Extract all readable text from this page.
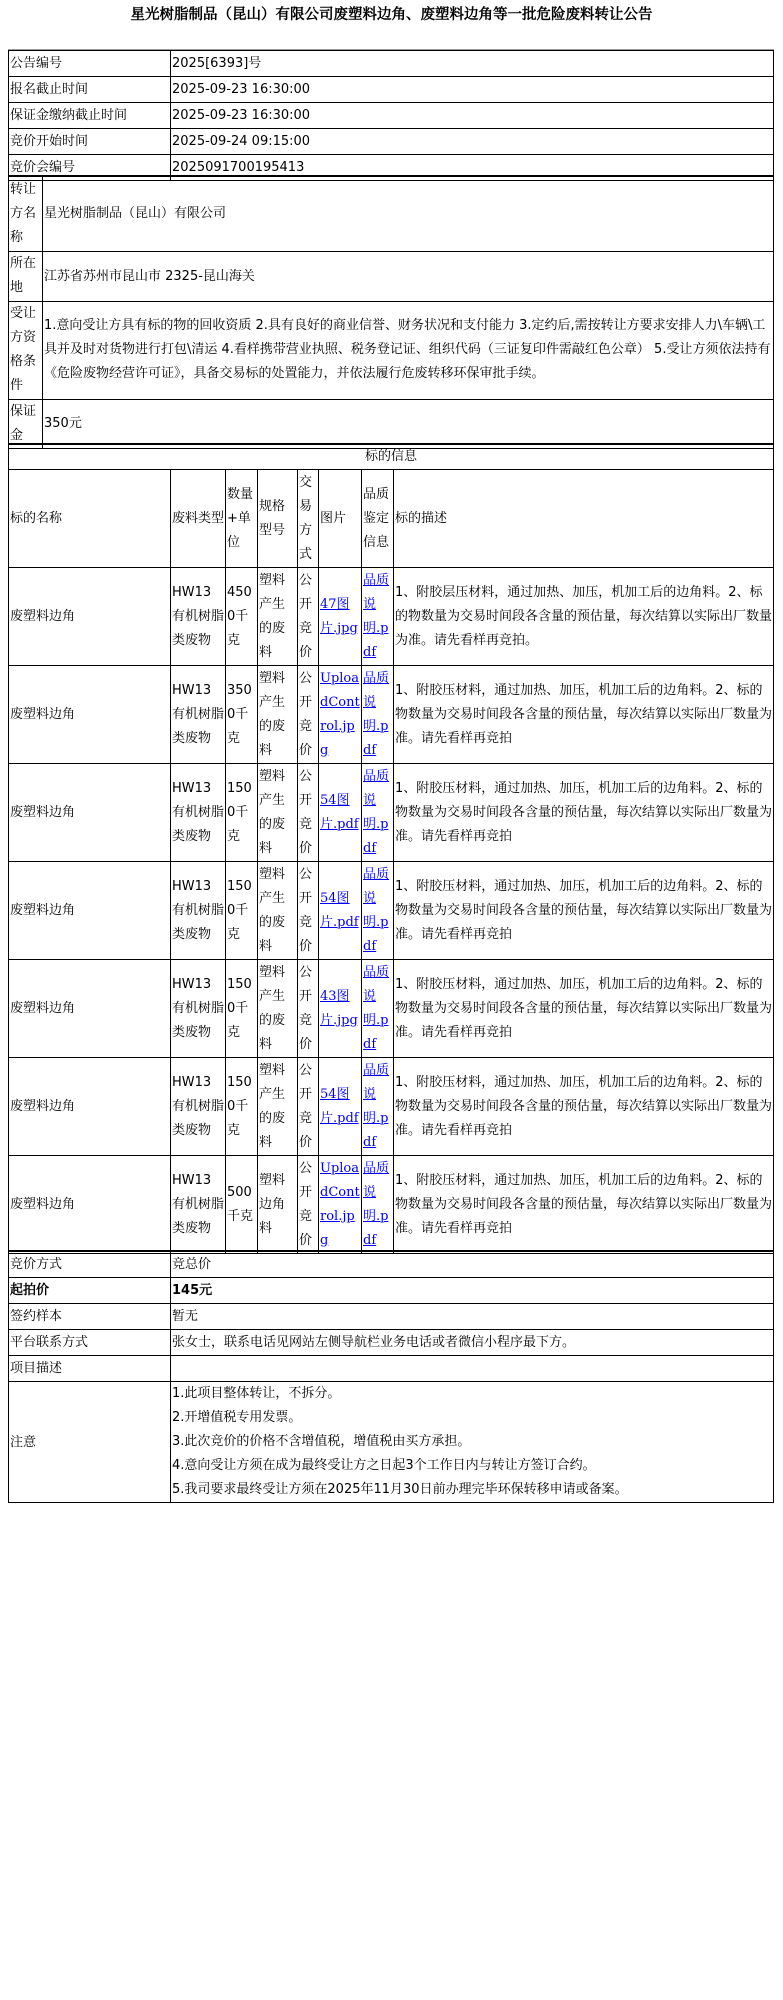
星光树脂制品（昆山）有限公司废塑料边角、废塑料边角等一批危险废料转让公告
公告编号	2025[6393]号
报名截止时间	2025-09-23 16:30:00
保证金缴纳截止时间	2025-09-23 16:30:00
竞价开始时间	2025-09-24 09:15:00
竞价会编号	2025091700195413
转让方名称	星光树脂制品（昆山）有限公司
所在地	江苏省苏州市昆山市 2325-昆山海关
受让方资格条件	1.意向受让方具有标的物的回收资质 2.具有良好的商业信誉、财务状况和支付能力 3.定约后,需按转让方要求安排人力\车辆\工具并及时对货物进行打包\清运 4.看样携带营业执照、税务登记证、组织代码（三证复印件需敲红色公章） 5.受让方须依法持有《危险废物经营许可证》，具备交易标的处置能力，并依法履行危废转移环保审批手续。
保证金	350元
标的信息							
标的名称	废料类型	数量+单位	规格型号	交易方式	图片	品质鉴定信息	标的描述
废塑料边角	HW13有机树脂类废物	4500千克	塑料产生的废料	公开竞价	47图片.jpg	品质说明.pdf	1、附胶层压材料，通过加热、加压，机加工后的边角料。2、标的物数量为交易时间段各含量的预估量，每次结算以实际出厂数量为准。请先看样再竞拍。
废塑料边角	HW13有机树脂类废物	3500千克	塑料产生的废料	公开竞价	UploadControl.jpg	品质说明.pdf	1、附胶压材料，通过加热、加压，机加工后的边角料。2、标的物数量为交易时间段各含量的预估量，每次结算以实际出厂数量为准。请先看样再竞拍
废塑料边角	HW13有机树脂类废物	1500千克	塑料产生的废料	公开竞价	54图片.pdf	品质说明.pdf	1、附胶压材料，通过加热、加压，机加工后的边角料。2、标的物数量为交易时间段各含量的预估量，每次结算以实际出厂数量为准。请先看样再竞拍
废塑料边角	HW13有机树脂类废物	1500千克	塑料产生的废料	公开竞价	54图片.pdf	品质说明.pdf	1、附胶压材料，通过加热、加压，机加工后的边角料。2、标的物数量为交易时间段各含量的预估量，每次结算以实际出厂数量为准。请先看样再竞拍
废塑料边角	HW13有机树脂类废物	1500千克	塑料产生的废料	公开竞价	43图片.jpg	品质说明.pdf	1、附胶压材料，通过加热、加压，机加工后的边角料。2、标的物数量为交易时间段各含量的预估量，每次结算以实际出厂数量为准。请先看样再竞拍
废塑料边角	HW13有机树脂类废物	1500千克	塑料产生的废料	公开竞价	54图片.pdf	品质说明.pdf	1、附胶压材料，通过加热、加压，机加工后的边角料。2、标的物数量为交易时间段各含量的预估量，每次结算以实际出厂数量为准。请先看样再竞拍
废塑料边角	HW13有机树脂类废物	500千克	塑料边角料	公开竞价	UploadControl.jpg	品质说明.pdf	1、附胶压材料，通过加热、加压，机加工后的边角料。2、标的物数量为交易时间段各含量的预估量，每次结算以实际出厂数量为准。请先看样再竞拍
竞价方式	竞总价
起拍价	145元
签约样本	暂无
平台联系方式	张女士，联系电话见网站左侧导航栏业务电话或者微信小程序最下方。
项目描述	
注意	1.此项目整体转让，不拆分。
2.开增值税专用发票。
3.此次竞价的价格不含增值税，增值税由买方承担。
4.意向受让方须在成为最终受让方之日起3个工作日内与转让方签订合约。
5.我司要求最终受让方须在2025年11月30日前办理完毕环保转移申请或备案。
